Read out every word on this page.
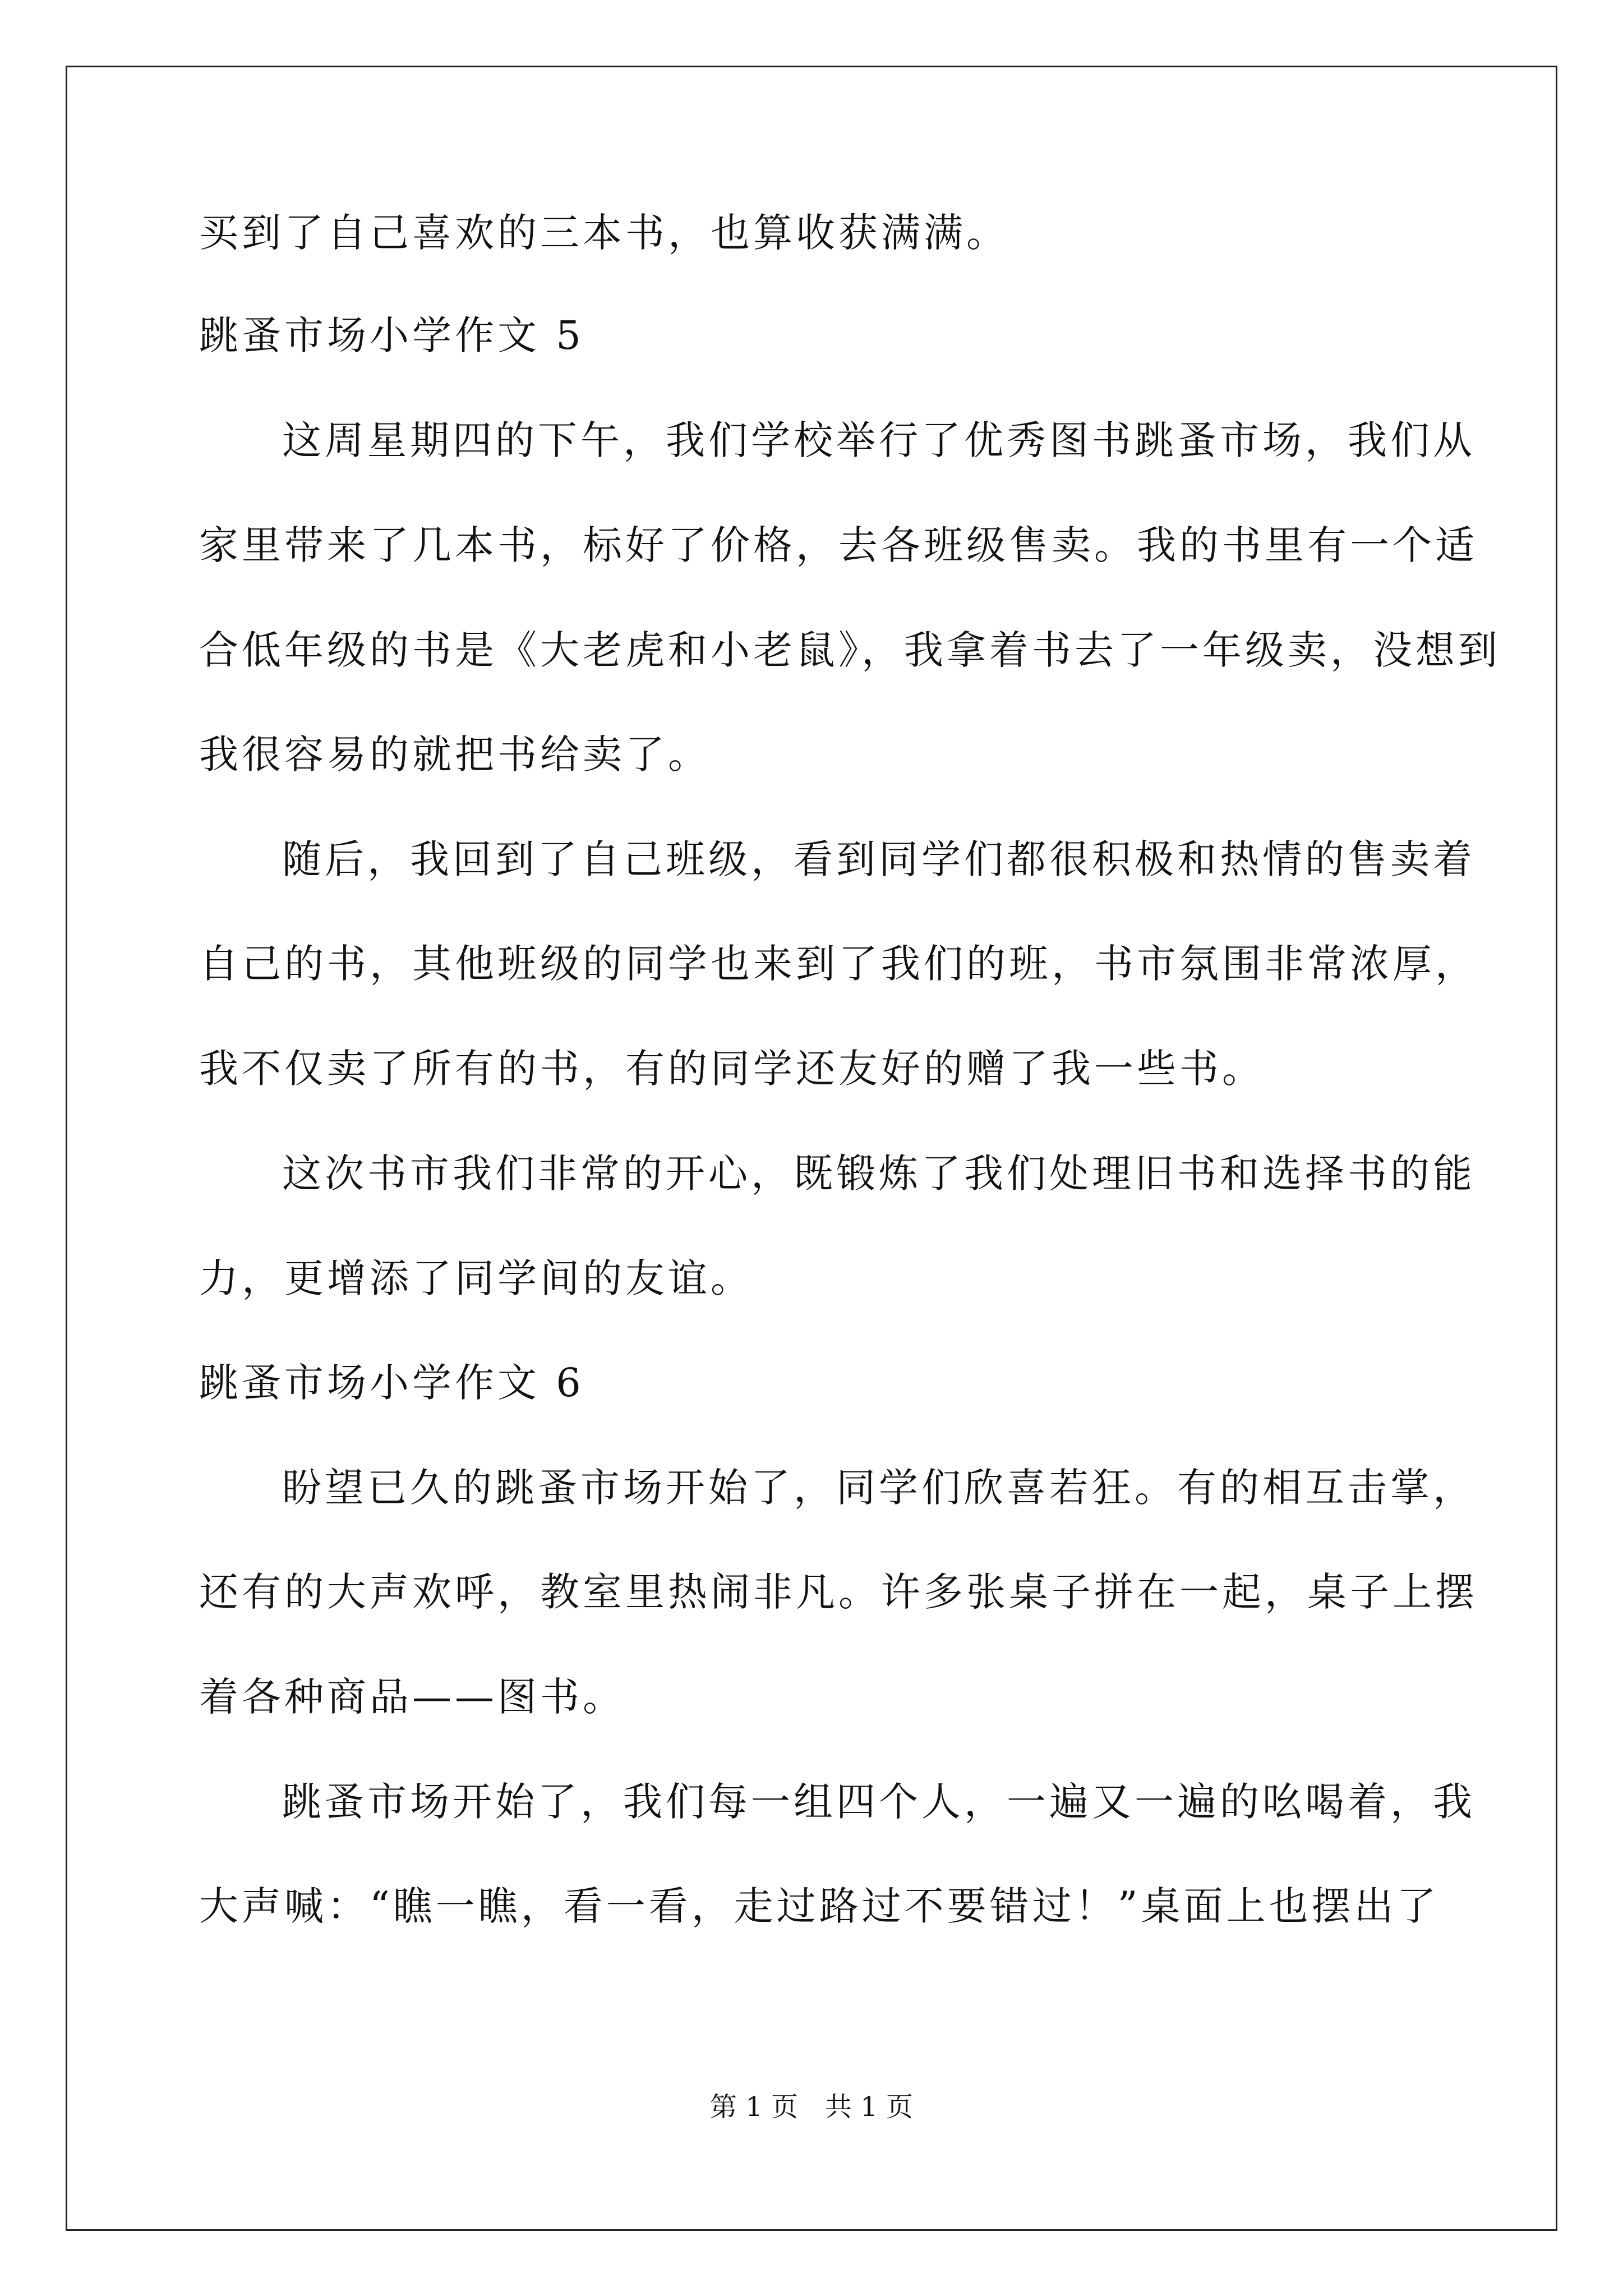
买到了自己喜欢的三本书，也算收获满满。
跳蚤市场小学作文 5
这周星期四的下午，我们学校举行了优秀图书跳蚤市场，我们从
家里带来了几本书，标好了价格，去各班级售卖。我的书里有一个适
合低年级的书是《大老虎和小老鼠》，我拿着书去了一年级卖，没想到
我很容易的就把书给卖了。
随后，我回到了自己班级，看到同学们都很积极和热情的售卖着
自己的书，其他班级的同学也来到了我们的班，书市氛围非常浓厚，
我不仅卖了所有的书，有的同学还友好的赠了我一些书。
这次书市我们非常的开心，既锻炼了我们处理旧书和选择书的能
力，更增添了同学间的友谊。
跳蚤市场小学作文 6
盼望已久的跳蚤市场开始了，同学们欣喜若狂。有的相互击掌，
还有的大声欢呼，教室里热闹非凡。许多张桌子拼在一起，桌子上摆
着各种商品——图书。
跳蚤市场开始了，我们每一组四个人，一遍又一遍的吆喝着，我
大声喊：“瞧一瞧，看一看，走过路过不要错过！”桌面上也摆出了
第 1 页　共 1 页
